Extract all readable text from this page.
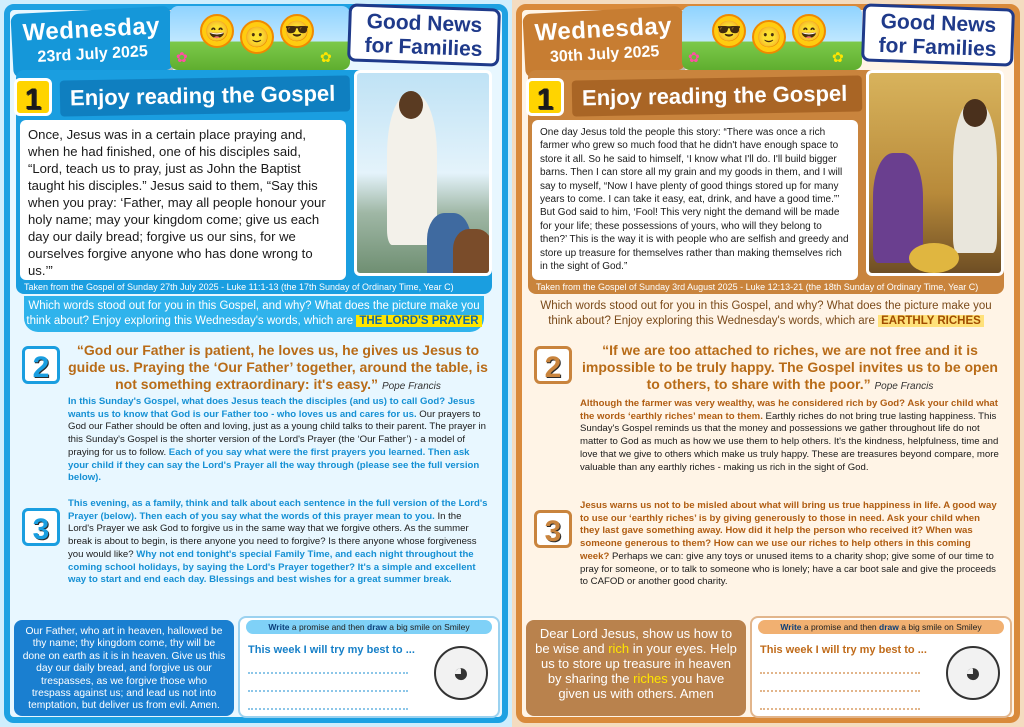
Wednesday
23rd July 2025
😄 🙂 😎
✿	✿
Good News
for Families
1	Enjoy reading the Gospel
Once, Jesus was in a certain place praying and, when he had finished, one of his disciples said, “Lord, teach us to pray, just as John the Baptist taught his disciples.” Jesus said to them, “Say this when you pray: ‘Father, may all people honour your holy name; may your kingdom come; give us each day our daily bread; forgive us our sins, for we ourselves forgive anyone who has done wrong to us.’”
Taken from the Gospel of Sunday 27th July 2025 - Luke 11:1-13 (the 17th Sunday of Ordinary Time, Year C)
Which words stood out for you in this Gospel, and why? What does the picture make you think about? Enjoy exploring this Wednesday's words, which are THE LORD'S PRAYER
2
“God our Father is patient, he loves us, he gives us Jesus to guide us. Praying the ‘Our Father’ together, around the table, is not something extraordinary: it's easy.” Pope Francis
In this Sunday's Gospel, what does Jesus teach the disciples (and us) to call God? Jesus wants us to know that God is our Father too - who loves us and cares for us. Our prayers to God our Father should be often and loving, just as a young child talks to their parent. The prayer in this Sunday's Gospel is the shorter version of the Lord's Prayer (the ‘Our Father’) - a model of praying for us to follow. Each of you say what were the first prayers you learned. Then ask your child if they can say the Lord's Prayer all the way through (please see the full version below).
3
This evening, as a family, think and talk about each sentence in the full version of the Lord's Prayer (below). Then each of you say what the words of this prayer mean to you. In the Lord's Prayer we ask God to forgive us in the same way that we forgive others. As the summer break is about to begin, is there anyone you need to forgive? Is there anyone whose forgiveness you would like? Why not end tonight's special Family Time, and each night throughout the coming school holidays, by saying the Lord's Prayer together? It's a simple and excellent way to start and end each day. Blessings and best wishes for a great summer break.
Our Father, who art in heaven, hallowed be thy name; thy kingdom come, thy will be done on earth as it is in heaven. Give us this day our daily bread, and forgive us our trespasses, as we forgive those who trespass against us; and lead us not into temptation, but deliver us from evil. Amen.
Write a promise and then draw a big smile on Smiley
This week I will try my best to ...
◕
Wednesday
30th July 2025
😎 🙂 😄
✿	✿
Good News
for Families
1	Enjoy reading the Gospel
One day Jesus told the people this story: “There was once a rich farmer who grew so much food that he didn't have enough space to store it all. So he said to himself, ‘I know what I'll do. I'll build bigger barns. Then I can store all my grain and my goods in them, and I will say to myself, “Now I have plenty of good things stored up for many years to come. I can take it easy, eat, drink, and have a good time.”’ But God said to him, ‘Fool! This very night the demand will be made for your life; these possessions of yours, who will they belong to then?’ This is the way it is with people who are selfish and greedy and store up treasure for themselves rather than making themselves rich in the sight of God.”
Taken from the Gospel of Sunday 3rd August 2025 - Luke 12:13-21 (the 18th Sunday of Ordinary Time, Year C)
Which words stood out for you in this Gospel, and why? What does the picture make you think about? Enjoy exploring this Wednesday's words, which are EARTHLY RICHES
2
“If we are too attached to riches, we are not free and it is impossible to be truly happy. The Gospel invites us to be open to others, to share with the poor.” Pope Francis
Although the farmer was very wealthy, was he considered rich by God? Ask your child what the words ‘earthly riches’ mean to them. Earthly riches do not bring true lasting happiness. This Sunday's Gospel reminds us that the money and possessions we gather throughout life do not matter to God as much as how we use them to help others. It's the kindness, helpfulness, time and love that we give to others which make us truly happy. These are treasures beyond compare, more valuable than any earthly riches - making us rich in the sight of God.
3
Jesus warns us not to be misled about what will bring us true happiness in life. A good way to use our ‘earthly riches’ is by giving generously to those in need. Ask your child when they last gave something away. How did it help the person who received it? When was someone generous to them? How can we use our riches to help others in this coming week? Perhaps we can: give any toys or unused items to a charity shop; give some of our time to pray for someone, or to talk to someone who is lonely; have a car boot sale and give the proceeds to CAFOD or another good charity.
Dear Lord Jesus, show us how to be wise and rich in your eyes. Help us to store up treasure in heaven by sharing the riches you have given us with others. Amen
Write a promise and then draw a big smile on Smiley
This week I will try my best to ...
◕
